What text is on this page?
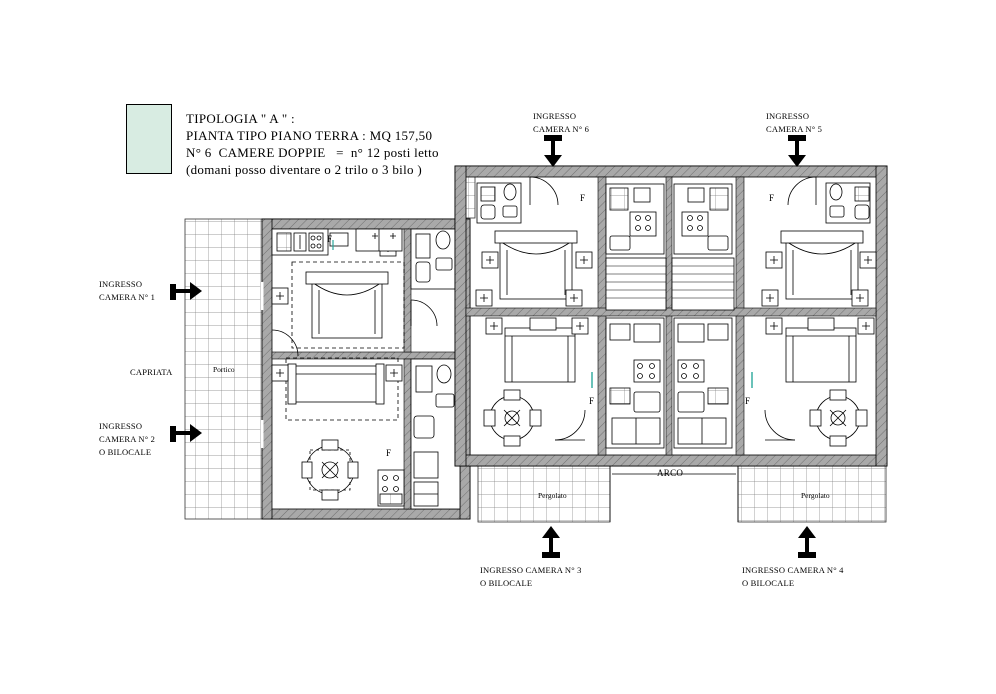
TIPOLOGIA " A " :
PIANTA TIPO PIANO TERRA : MQ 157,50
N° 6  CAMERE DOPPIE   =  n° 12 posti letto
(domani posso diventare o 2 trilo o 3 bilo )
INGRESSO
CAMERA N° 1
INGRESSO
CAMERA N° 2
O BILOCALE
CAPRIATA	Portico
INGRESSO
CAMERA N° 6
INGRESSO
CAMERA N° 5
INGRESSO CAMERA N° 3
O BILOCALE
INGRESSO CAMERA N° 4
O BILOCALE
ARCO
Pergolato	Pergolato
F
F
F	F
F	F
